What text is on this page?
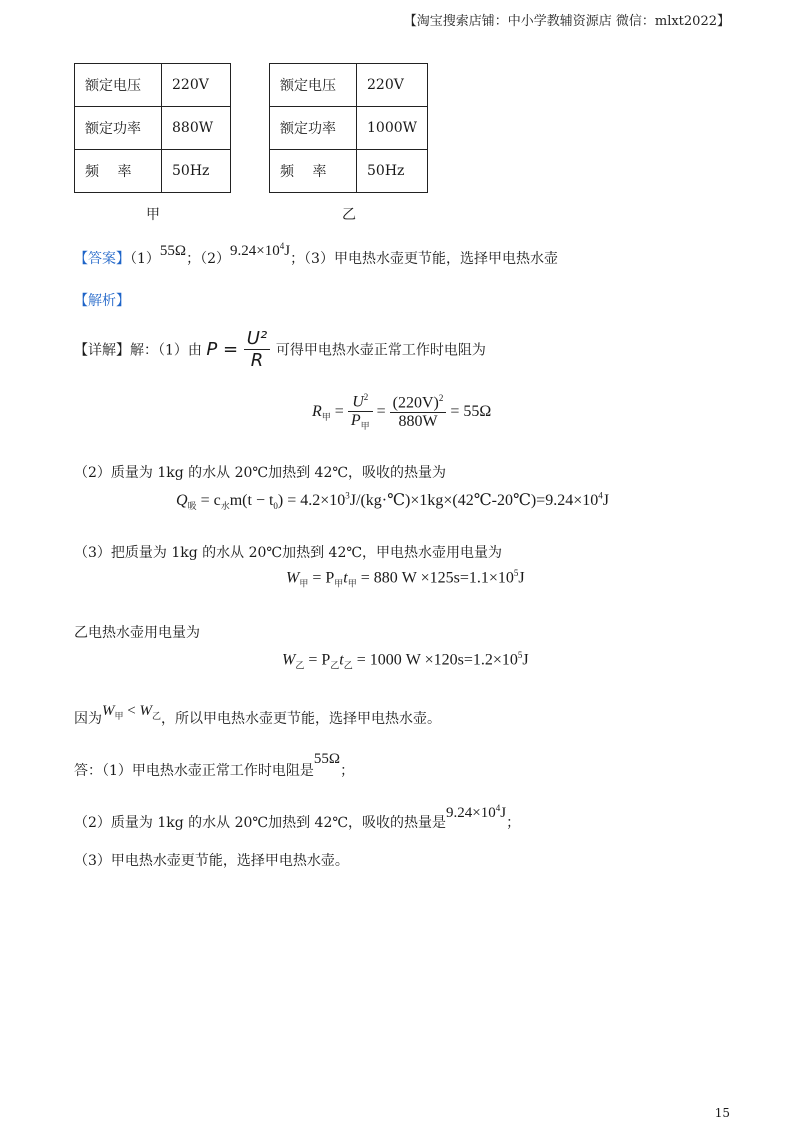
【淘宝搜索店铺：中小学教辅资源店 微信：mlxt2022】
额定电压	220V
额定功率	880W
频　 率	50Hz
甲
额定电压	220V
额定功率	1000W
频　 率	50Hz
乙
【答案】（1）55Ω；$(2)9.24\times 10^4J$；（3）甲电热水壶更节能，选择甲电热水壶
【解析】
【详解】解：（1）由 $P = \frac{\text{U²}}{R}$ 可得甲电热水壶正常工作时电阻为
$R_甲 = \frac{U^2}{P_甲} = \frac{(220V)^2}{880W} = 55\Omega$
（2）质量为 1kg 的水从 20℃加热到 42℃，吸收的热量为
$Q_吸 = c_水m(t - t_0)$ = $4.2\times 10^3J/(kg\cdot℃)\times 1kg\times(42℃-20℃)=9.24\times 10^4J$
（3）把质量为 1kg 的水从 20℃加热到 42℃，甲电热水壶用电量为
$W_甲 = P_甲t_甲 = 880$ $W \times 125s=1.1\times 10^5J$
乙电热水壶用电量为
$W_乙 = P_乙t_乙 = 1000$ $W \times 120s=1.2\times 10^5J$
因为$W_甲 < W_乙$，所以甲电热水壶更节能，选择甲电热水壶。
答：（1）甲电热水壶正常工作时电阻是55Ω；
（2）质量为 1kg 的水从 20℃加热到 42℃，吸收的热量是$9.24\times 10^4J$；
（3）甲电热水壶更节能，选择甲电热水壶。
15
